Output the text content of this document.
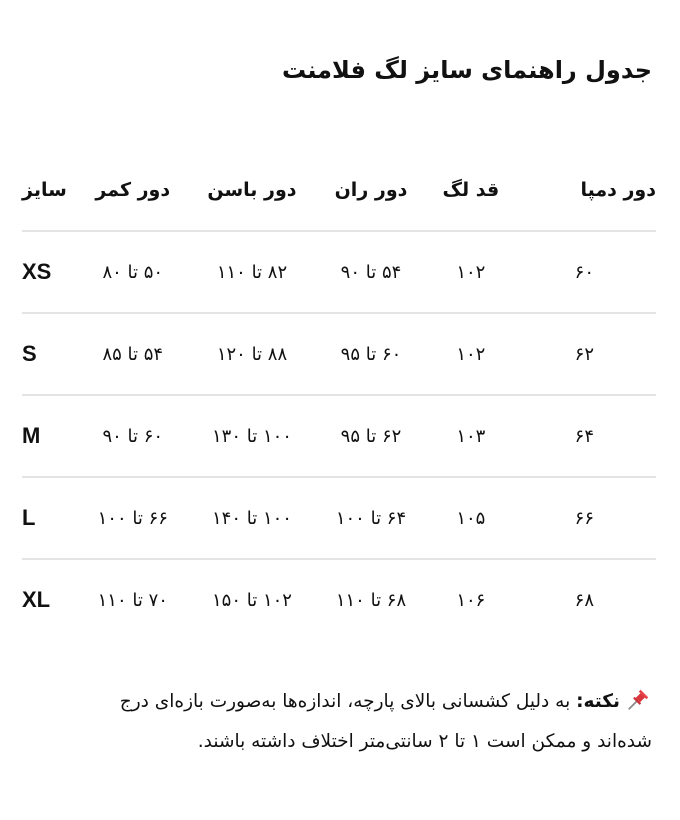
جدول راهنمای سایز لگ فلامنت
دور دمپا	قد لگ	دور ران	دور باسن	دور کمر	سایز
۶۰	۱۰۲	۵۴ تا ۹۰	۸۲ تا ۱۱۰	۵۰ تا ۸۰	XS
۶۲	۱۰۲	۶۰ تا ۹۵	۸۸ تا ۱۲۰	۵۴ تا ۸۵	S
۶۴	۱۰۳	۶۲ تا ۹۵	۱۰۰ تا ۱۳۰	۶۰ تا ۹۰	M
۶۶	۱۰۵	۶۴ تا ۱۰۰	۱۰۰ تا ۱۴۰	۶۶ تا ۱۰۰	L
۶۸	۱۰۶	۶۸ تا ۱۱۰	۱۰۲ تا ۱۵۰	۷۰ تا ۱۱۰	XL

نکته: به دلیل کشسانی بالای پارچه، اندازه‌ها به‌صورت بازه‌ای درج شده‌اند و ممکن است ۱ تا ۲ سانتی‌متر اختلاف داشته باشند.
